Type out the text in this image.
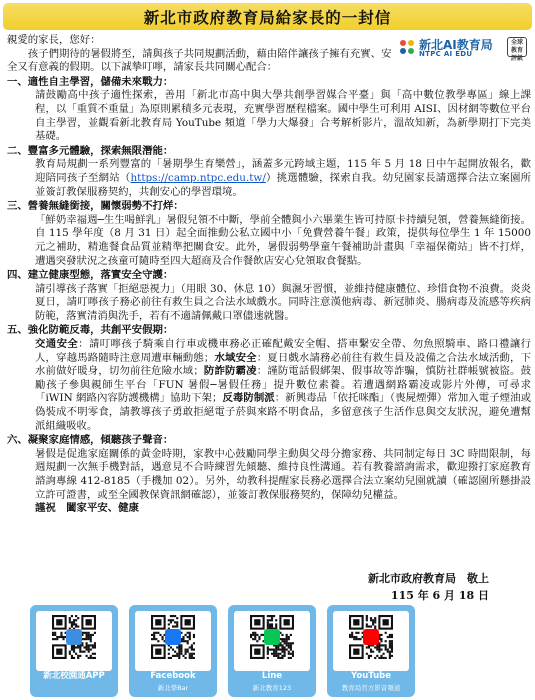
新北市政府教育局給家長的一封信
新北AI教育局
NTPC AI EDU
全球 教育 評級

親愛的家長，您好：

孩子們期待的暑假將至，請與孩子共同規劃活動，藉由陪伴讓孩子擁有充實、安全又有意義的假期。以下誠摯叮嚀，請家長共同關心配合：

一、適性自主學習，儲備未來戰力：
請鼓勵高中孩子適性探索，善用「新北市高中與大學共創學習媒合平臺」與「高中數位教學專區」線上課程，以「重質不重量」為原則累積多元表現，充實學習歷程檔案。國中學生可利用 AISI、因材網等數位平台自主學習，並觀看新北教育局 YouTube 頻道「學力大爆發」合考解析影片，溫故知新，為新學期打下完美基礎。
二、豐富多元體驗，探索無限潛能：
教育局規劃一系列豐富的「暑期學生育樂營」，涵蓋多元跨域主題，115 年 5 月 18 日中午起開放報名，歡迎陪同孩子至網站（https://camp.ntpc.edu.tw/）挑選體驗，探索自我。幼兒園家長請選擇合法立案園所並簽訂教保服務契約，共創安心的學習環境。
三、營養無縫銜接，關懷弱勢不打烊：
「鮮奶幸福週─生生喝鮮乳」暑假兒領不中斷，學前全體與小六畢業生皆可持原卡持續兒領，營養無縫銜接。自 115 學年度（8 月 31 日）起全面推動公私立國中小「免費營養午餐」政策，提供每位學生 1 年 15000 元之補助，精進餐食品質並精準把關食安。此外，暑假弱勢學童午餐補助計畫與「幸福保衛站」皆不打烊，遭遇突發狀況之孩童可隨時至四大超商及合作餐飲店安心兌領取食餐點。
四、建立健康型態，落實安全守護：
請引導孩子落實「拒絕惡視力」（用眼 30、休息 10）與濕牙習慣，並維持健康體位、珍惜食物不浪費。炎炎夏日，請叮嚀孩子務必前往有救生員之合法水域戲水。同時注意漢他病毒、新冠肺炎、腸病毒及流感等疾病防範，落實清消與洗手，若有不適請佩戴口罩儘速就醫。
五、強化防範反毒，共創平安假期：
交通安全：請叮嚀孩子騎乘自行車或機車務必正確配戴安全帽、搭車繫安全帶、勿魚照騎車、路口禮讓行人，穿越馬路隨時注意周遭車輛動態；水域安全：夏日戲水請務必前往有救生員及設備之合法水域活動，下水前做好暖身，切勿前往危險水域；防詐防霸凌：謹防電話假綁架、假事故等詐騙，慎防社群帳號被盜。鼓勵孩子參與親師生平台「FUN 暑假─暑假任務」提升數位素養。若遭遇網路霸凌或影片外傳，可尋求「iWIN 網路內容防護機構」協助下架；反毒防制派：新興毒品「依托咪酯」（喪屍煙彈）常加入電子煙油或偽裝成不明零食，請教導孩子勇敢拒絕電子菸與來路不明食品，多留意孩子生活作息與交友狀況，避免遭幫派組織吸收。
六、凝聚家庭情感，傾聽孩子聲音：
暑假是促進家庭關係的黃金時期，家教中心鼓勵同學主動與父母分擔家務、共同制定每日 3C 時間限制，每週規劃一次無手機對話，遇意見不合時練習先傾聽、維持良性溝通。若有教養諮詢需求，歡迎撥打家庭教育諮詢專線 412-8185（手機加 02）。另外，幼教科提醒家長務必選擇合法立案幼兒園就讀（確認園所懸掛設立許可證書，或至全國教保資訊網確認），並簽訂教保服務契約，保障幼兒權益。
謹祝　闔家平安、健康
新北市政府教育局　敬上
115 年 6 月 18 日
新北校園通APP	Facebook
新北學Bar
Line
新北教育123
YouTube
教育局官方影音頻道
